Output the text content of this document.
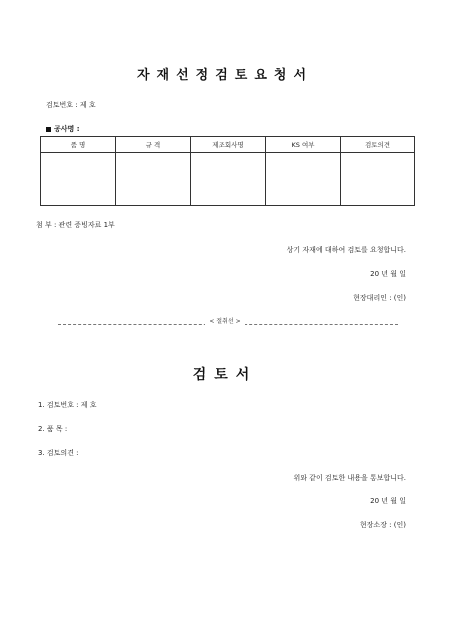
자재선정검토요청서
검토번호 : 제 호
공사명 :
품 명	규 격	제조회사명	KS 여부	검토의견

첨 부 : 관련 증빙자료 1부
상기 자재에 대하여 검토를 요청합니다.
20 년 월 일
현장대리인 : (인)
< 절취선 >
검토서
1. 검토번호 : 제 호
2. 품 목 :
3. 검토의견 :
위와 같이 검토한 내용을 통보합니다.
20 년 월 일
현장소장 : (인)
